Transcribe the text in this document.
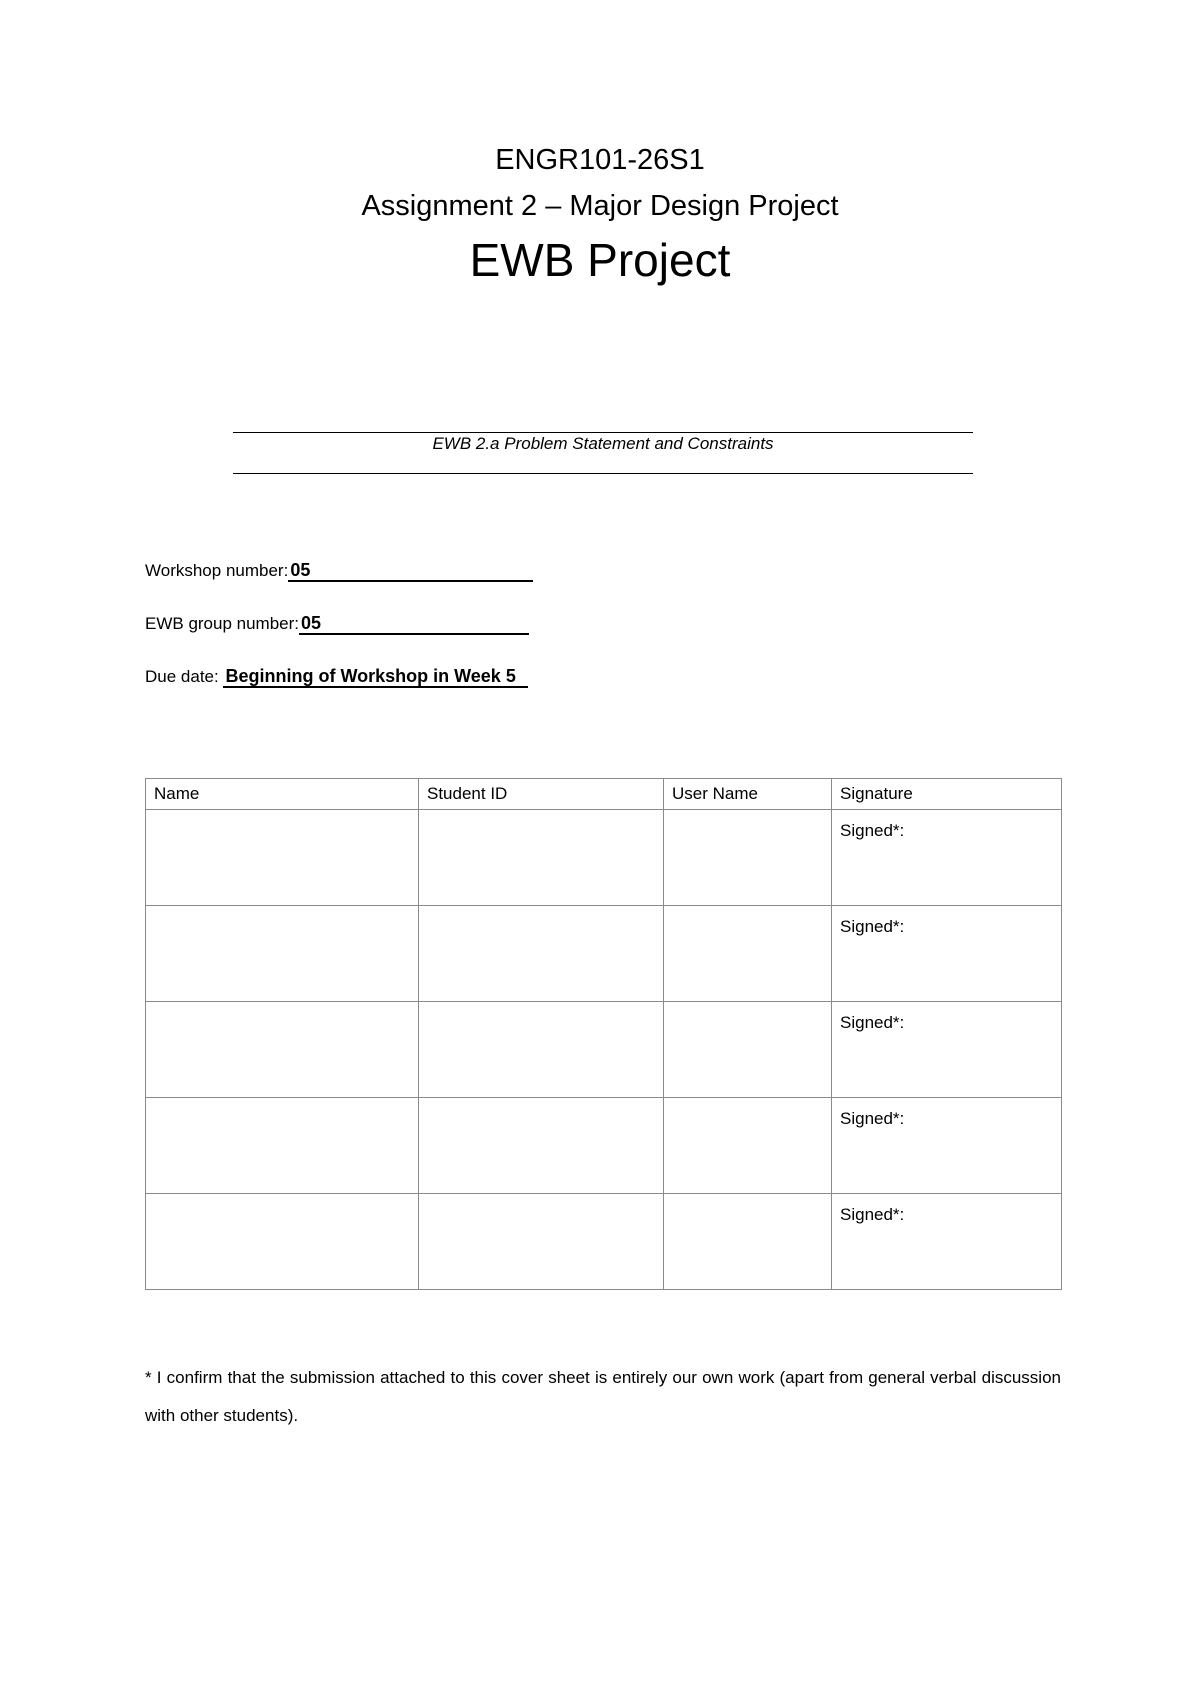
ENGR101-26S1
Assignment 2 – Major Design Project
EWB Project
EWB 2.a Problem Statement and Constraints
Workshop number: 05
EWB group number: 05
Due date: Beginning of Workshop in Week 5
Name	Student ID	User Name	Signature
			Signed*:
			Signed*:
			Signed*:
			Signed*:
			Signed*:

* I confirm that the submission attached to this cover sheet is entirely our own work (apart from general verbal discussion with other students).
